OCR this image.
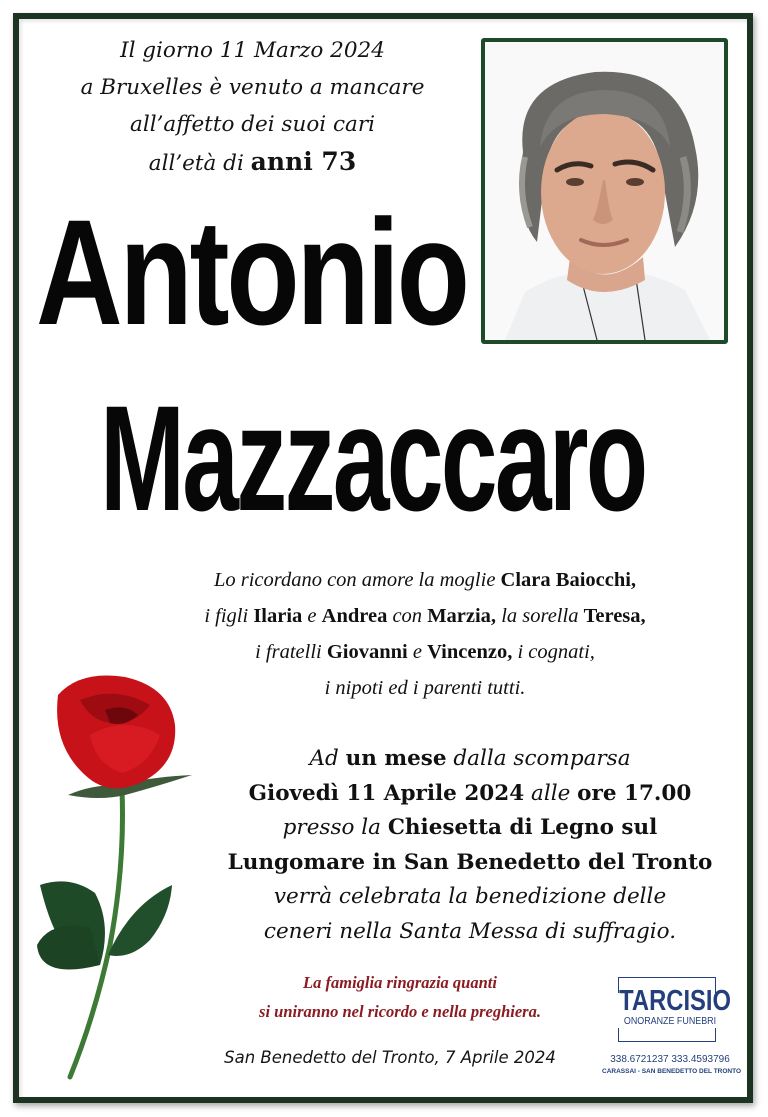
Il giorno 11 Marzo 2024
a Bruxelles è venuto a mancare
all’affetto dei suoi cari
all’età di anni 73
Antonio
Mazzaccaro
Lo ricordano con amore la moglie Clara Baiocchi,
i figli Ilaria e Andrea con Marzia, la sorella Teresa,
i fratelli Giovanni e Vincenzo, i cognati,
i nipoti ed i parenti tutti.
Ad un mese dalla scomparsa
Giovedì 11 Aprile 2024 alle ore 17.00
presso la Chiesetta di Legno sul
Lungomare in San Benedetto del Tronto
verrà celebrata la benedizione delle
ceneri nella Santa Messa di suffragio.
La famiglia ringrazia quanti
si uniranno nel ricordo e nella preghiera.
San Benedetto del Tronto, 7 Aprile 2024
TARCISIO
ONORANZE FUNEBRI
338.6721237 333.4593796
CARASSAI - SAN BENEDETTO DEL TRONTO
